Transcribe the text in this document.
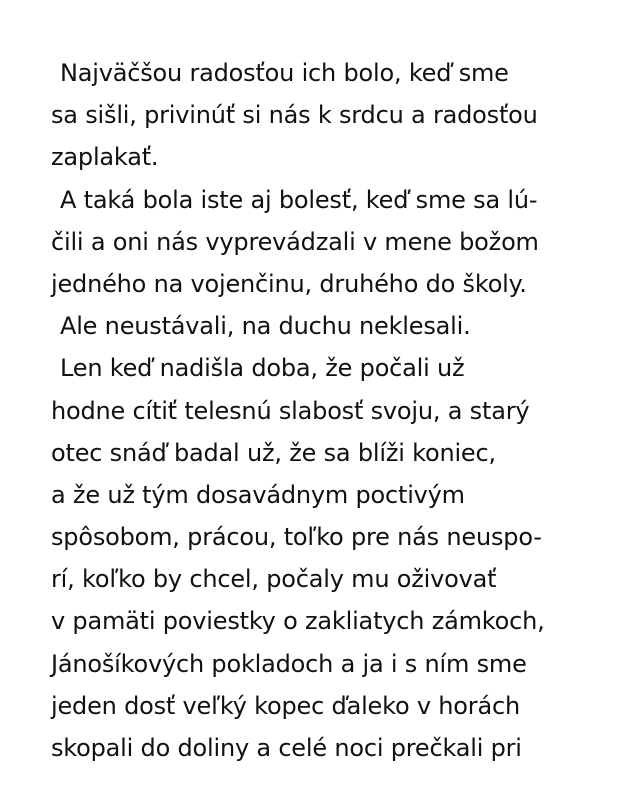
Najväčšou radosťou ich bolo, keď sme
sa sišli, privinúť si nás k srdcu a radosťou
zaplakať.
A taká bola iste aj bolesť, keď sme sa lú-
čili a oni nás vyprevádzali v mene božom
jedného na vojenčinu, druhého do školy.
Ale neustávali, na duchu neklesali.
Len keď nadišla doba, že počali už
hodne cítiť telesnú slabosť svoju, a starý
otec snáď badal už, že sa blíži koniec,
a že už tým dosavádnym poctivým
spôsobom, prácou, toľko pre nás neuspo-
rí, koľko by chcel, počaly mu oživovať
v pamäti poviestky o zakliatych zámkoch,
Jánošíkových pokladoch a ja i s ním sme
jeden dosť veľký kopec ďaleko v horách
skopali do doliny a celé noci prečkali pri
